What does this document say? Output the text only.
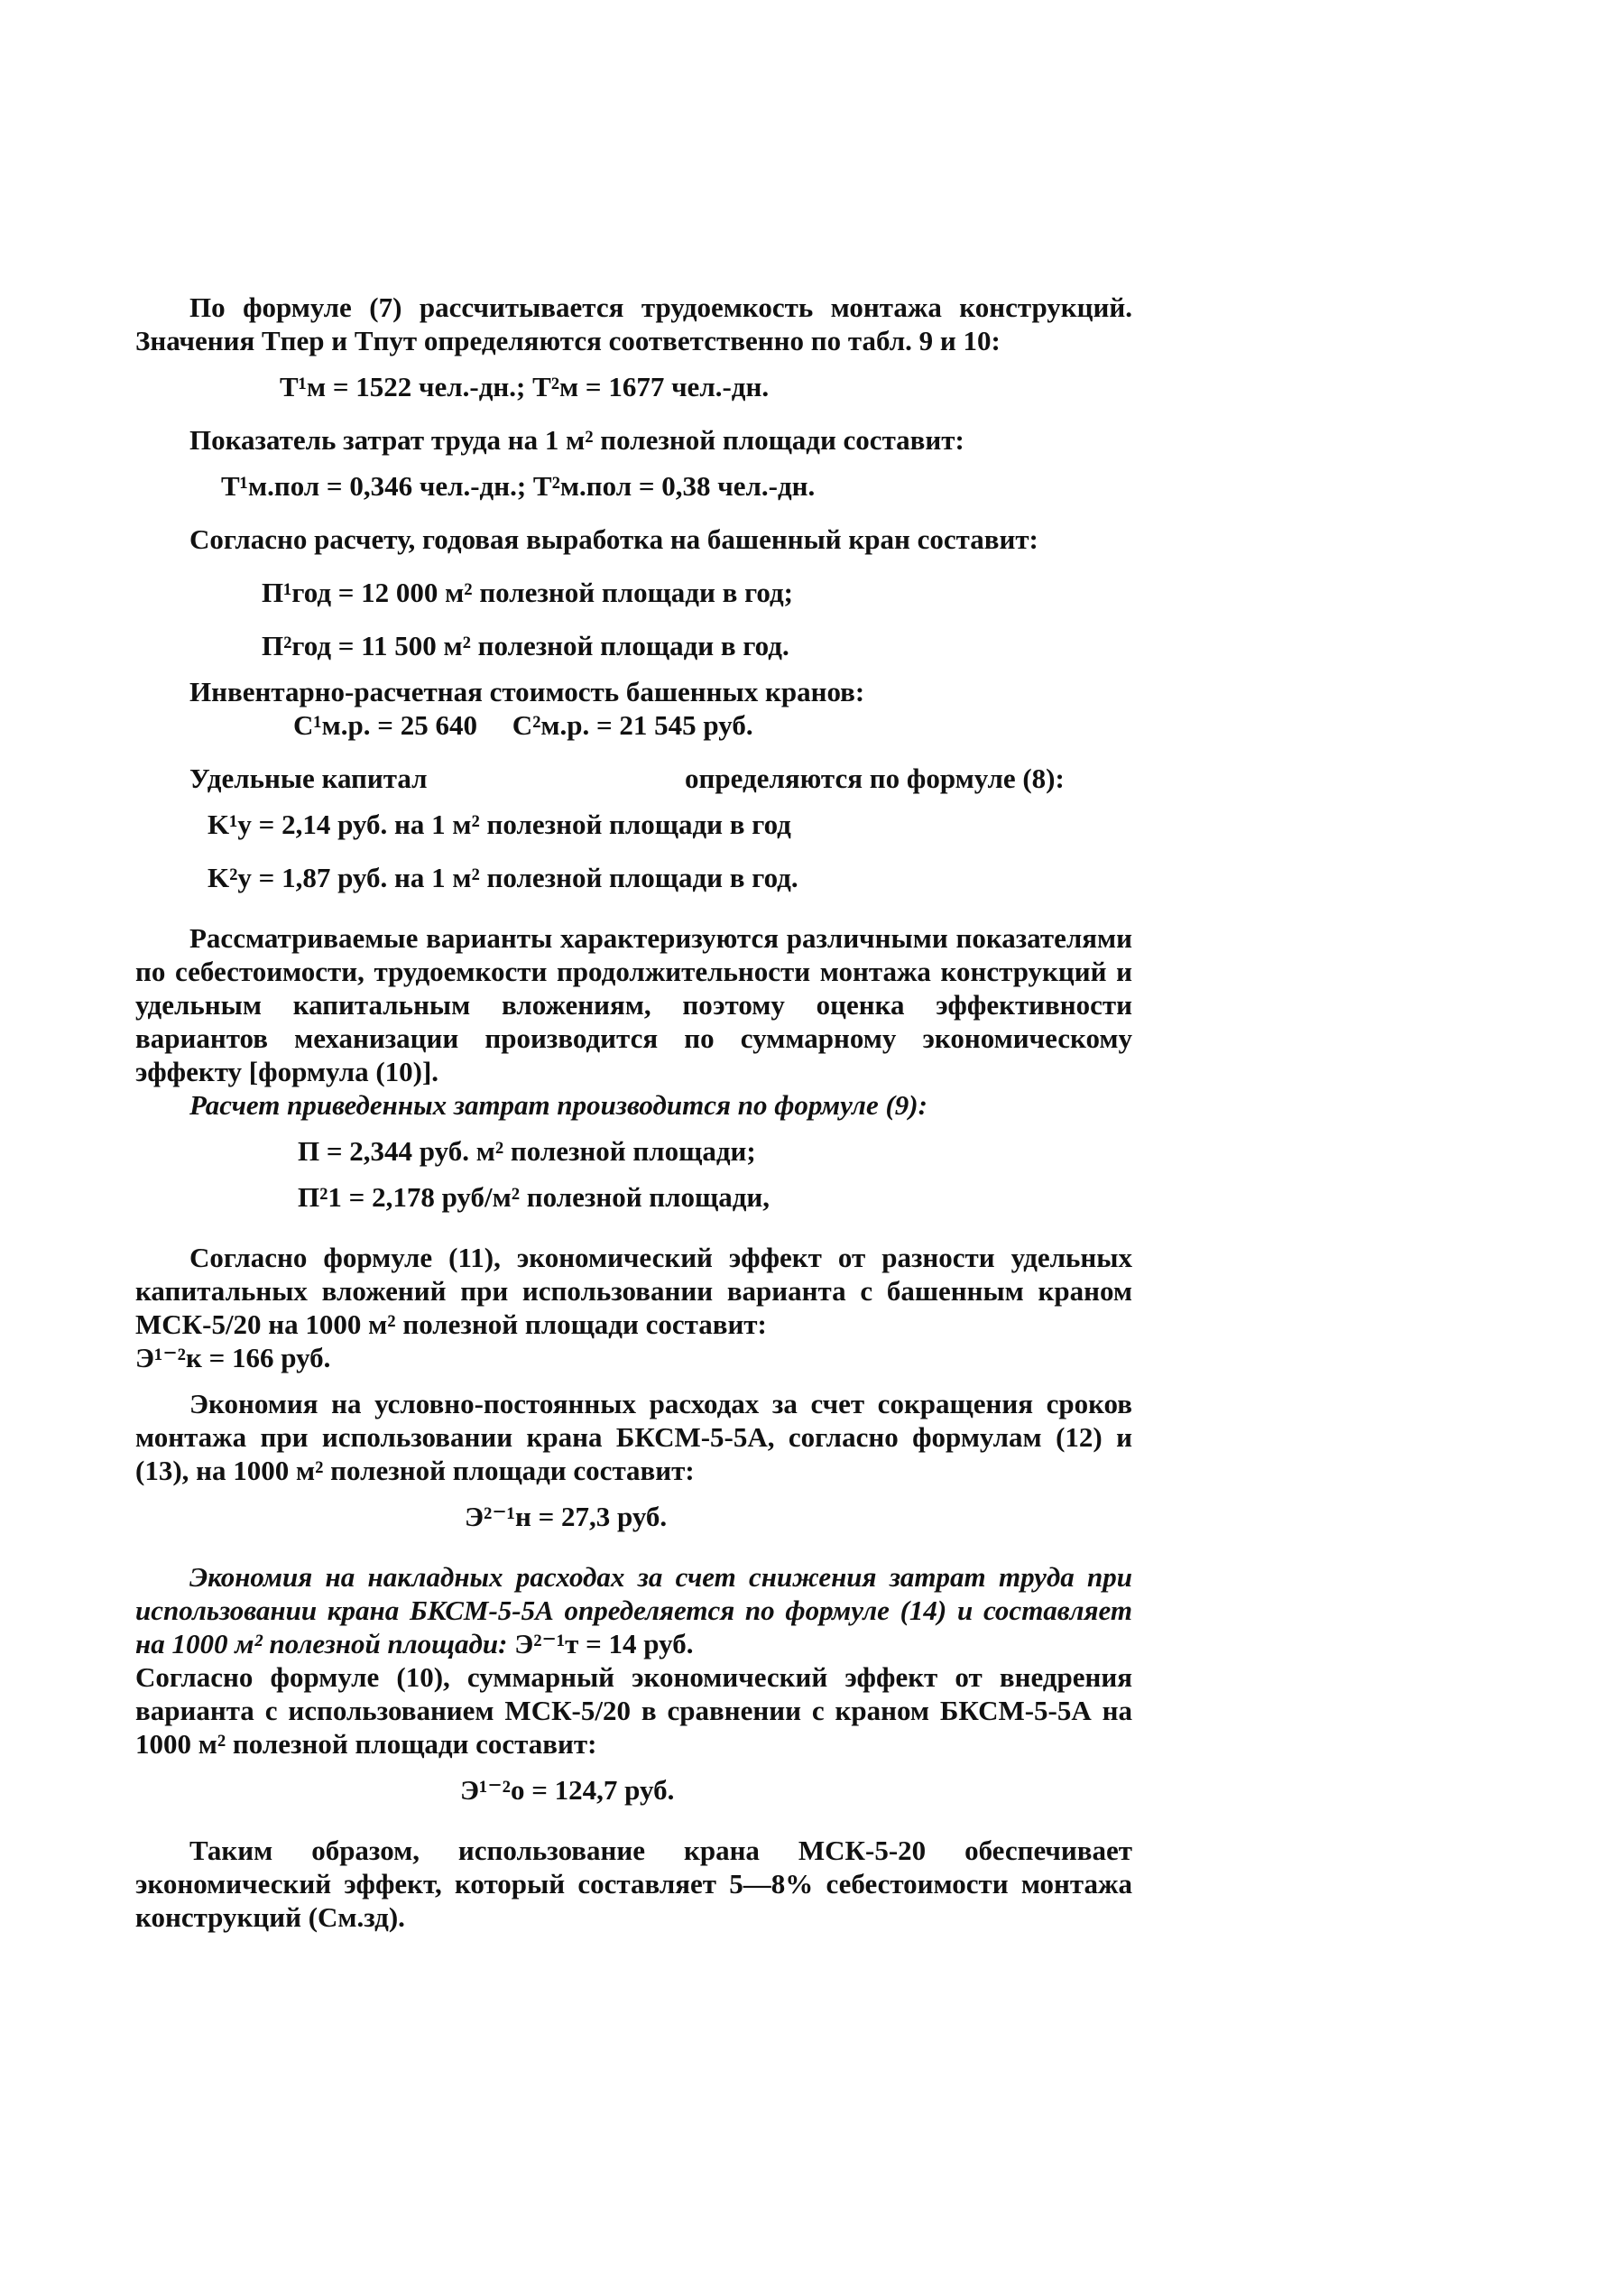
По формуле (7) рассчитывается трудоемкость монтажа конструкций. Значения Tпер и Tпут определяются соответственно по табл. 9 и 10:

T¹м = 1522 чел.-дн.; T²м = 1677 чел.-дн.

Показатель затрат труда на 1 м² полезной площади составит:

T¹м.пол = 0,346 чел.-дн.; T²м.пол = 0,38 чел.-дн.

Согласно расчету, годовая выработка на башенный кран составит:

П¹год = 12 000 м² полезной площади в год;

П²год = 11 500 м² полезной площади в год.

Инвентарно-расчетная стоимость башенных кранов:

C¹м.р. = 25 640     C²м.р. = 21 545 руб.

Удельные капитал	определяются по формуле (8):

K¹у = 2,14 руб. на 1 м² полезной площади в год

K²у = 1,87 руб. на 1 м² полезной площади в год.

Рассматриваемые варианты характеризуются различными показателями по себестоимости, трудоемкости продолжительности монтажа конструкций и удельным капитальным вложениям, поэтому оценка эффективности вариантов механизации производится по суммарному экономическому эффекту [формула (10)].

Расчет приведенных затрат производится по формуле (9):

П = 2,344 руб. м² полезной площади;

П²1 = 2,178 руб/м² полезной площади,

Согласно формуле (11), экономический эффект от разности удельных капитальных вложений при использовании варианта с башенным краном МСК-5/20 на 1000 м² полезной площади составит:

Э¹⁻²к = 166 руб.

Экономия на условно-постоянных расходах за счет сокращения сроков монтажа при использовании крана БКСМ-5-5А, согласно формулам (12) и (13), на 1000 м² полезной площади составит:

Э²⁻¹н = 27,3 руб.

Экономия на накладных расходах за счет снижения затрат труда при использовании крана БКСМ-5-5А определяется по формуле (14) и составляет на 1000 м² полезной площади: Э²⁻¹т = 14 руб.

Согласно формуле (10), суммарный экономический эффект от внедрения варианта с использованием МСК-5/20 в сравнении с краном БКСМ-5-5А на 1000 м² полезной площади составит:

Э¹⁻²о = 124,7 руб.

Таким образом, использование крана МСК-5-20 обеспечивает экономический эффект, который составляет 5—8% себестоимости монтажа конструкций (Cм.зд).
